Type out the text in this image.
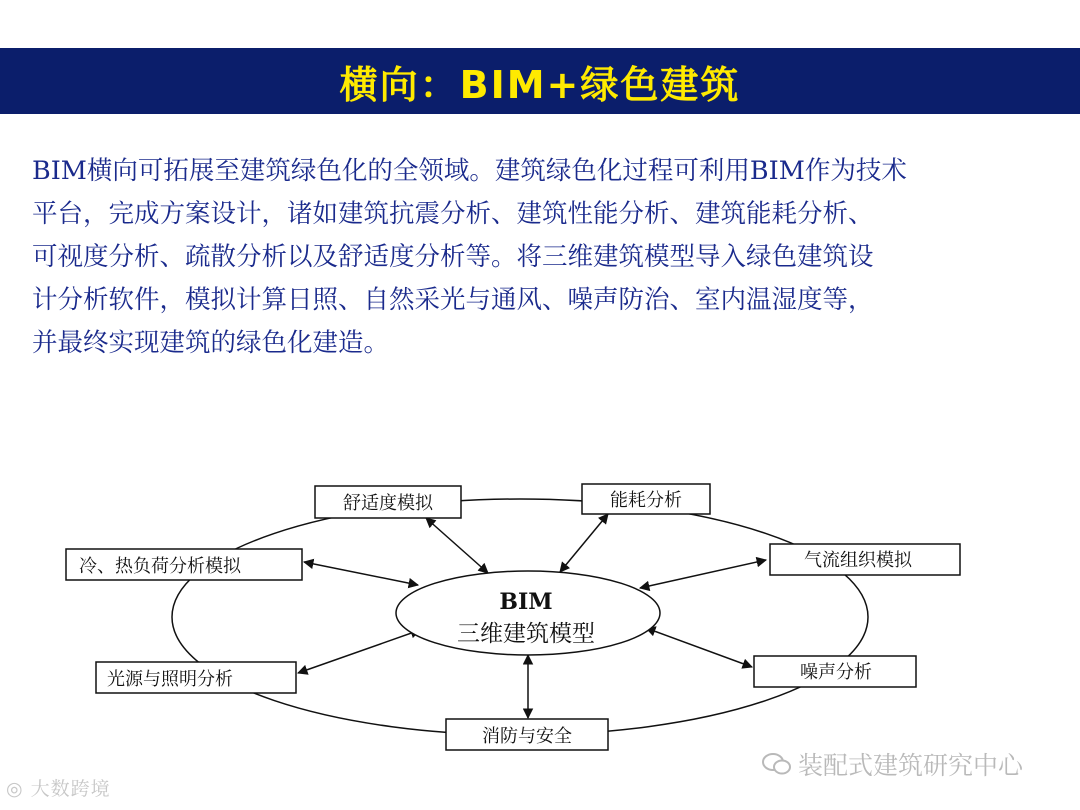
横向：BIM+绿色建筑

BIM横向可拓展至建筑绿色化的全领域。建筑绿色化过程可利用BIM作为技术

平台，完成方案设计，诸如建筑抗震分析、建筑性能分析、建筑能耗分析、

可视度分析、疏散分析以及舒适度分析等。将三维建筑模型导入绿色建筑设

计分析软件，模拟计算日照、自然采光与通风、噪声防治、室内温湿度等，

并最终实现建筑的绿色化建造。

BIM
三维建筑模型
舒适度模拟	能耗分析
冷、热负荷分析模拟	气流组织模拟
光源与照明分析	噪声分析
消防与安全
◎ 大数跨境
装配式建筑研究中心
